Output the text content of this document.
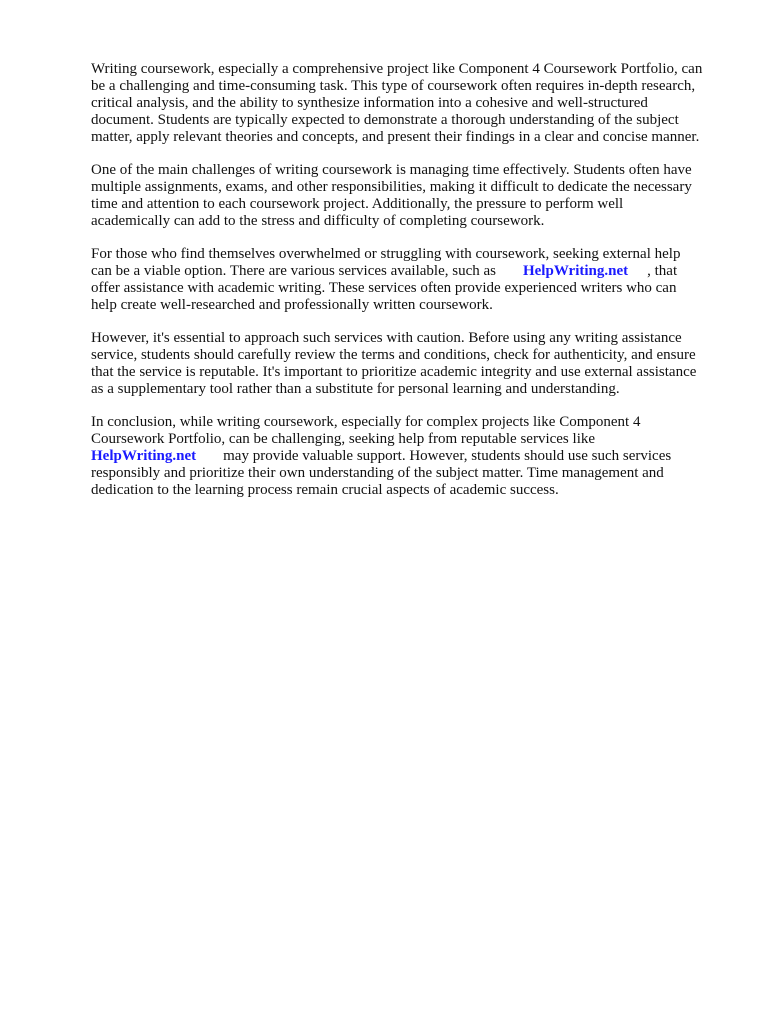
Writing coursework, especially a comprehensive project like Component 4 Coursework Portfolio, can
be a challenging and time-consuming task. This type of coursework often requires in-depth research,
critical analysis, and the ability to synthesize information into a cohesive and well-structured
document. Students are typically expected to demonstrate a thorough understanding of the subject
matter, apply relevant theories and concepts, and present their findings in a clear and concise manner.
One of the main challenges of writing coursework is managing time effectively. Students often have
multiple assignments, exams, and other responsibilities, making it difficult to dedicate the necessary
time and attention to each coursework project. Additionally, the pressure to perform well
academically can add to the stress and difficulty of completing coursework.
For those who find themselves overwhelmed or struggling with coursework, seeking external help
can be a viable option. There are various services available, such as HelpWriting.net , that
offer assistance with academic writing. These services often provide experienced writers who can
help create well-researched and professionally written coursework.
However, it's essential to approach such services with caution. Before using any writing assistance
service, students should carefully review the terms and conditions, check for authenticity, and ensure
that the service is reputable. It's important to prioritize academic integrity and use external assistance
as a supplementary tool rather than a substitute for personal learning and understanding.
In conclusion, while writing coursework, especially for complex projects like Component 4
Coursework Portfolio, can be challenging, seeking help from reputable services like
HelpWriting.net may provide valuable support. However, students should use such services
responsibly and prioritize their own understanding of the subject matter. Time management and
dedication to the learning process remain crucial aspects of academic success.
